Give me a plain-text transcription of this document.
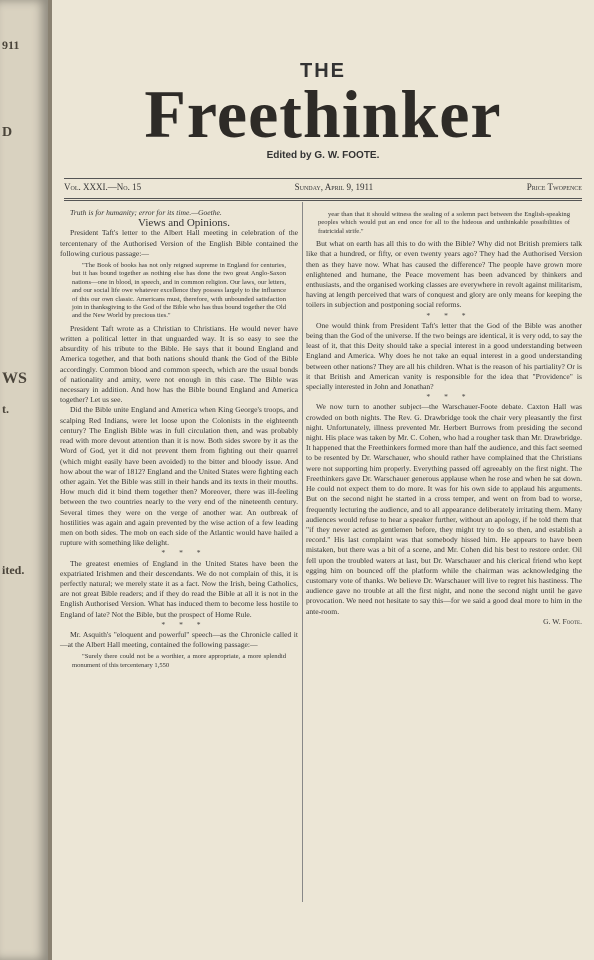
911
D
WS
t.
ited.
THE
Freethinker
Edited by G. W. FOOTE.
Vol. XXXI.—No. 15	Sunday, April 9, 1911	Price Twopence

Truth is for humanity; error for its time.—Goethe.

Views and Opinions.

President Taft's letter to the Albert Hall meeting in celebration of the tercentenary of the Authorised Version of the English Bible contained the following curious passage:—

"The Book of books has not only reigned supreme in England for centuries, but it has bound together as nothing else has done the two great Anglo-Saxon nations—one in blood, in speech, and in common religion. Our laws, our letters, and our social life owe whatever excellence they possess largely to the influence of this our own classic. Americans must, therefore, with unbounded satisfaction join in thanksgiving to the God of the Bible who has thus bound together the Old and the New World by precious ties."

President Taft wrote as a Christian to Christians. He would never have written a political letter in that unguarded way. It is so easy to see the absurdity of his tribute to the Bible. He says that it bound England and America together, and that both nations should thank the God of the Bible accordingly. Common blood and common speech, which are the usual bonds of nationality and amity, were not enough in this case. The Bible was necessary in addition. And how has the Bible bound England and America together? Let us see.

Did the Bible unite England and America when King George's troops, and scalping Red Indians, were let loose upon the Colonists in the eighteenth century? The English Bible was in full circulation then, and was probably read with more devout attention than it is now. Both sides swore by it as the Word of God, yet it did not prevent them from fighting out their quarrel (which might easily have been avoided) to the bitter and bloody issue. And how about the war of 1812? England and the United States were fighting each other again. Yet the Bible was still in their hands and its texts in their mouths. How much did it bind them together then? Moreover, there was ill-feeling between the two countries nearly to the very end of the nineteenth century. Several times they were on the verge of another war. An outbreak of hostilities was again and again prevented by the wise action of a few leading men on both sides. The mob on each side of the Atlantic would have hailed a rupture with something like delight.

* * *

The greatest enemies of England in the United States have been the expatriated Irishmen and their descendants. We do not complain of this, it is perfectly natural; we merely state it as a fact. Now the Irish, being Catholics, are not great Bible readers; and if they do read the Bible at all it is not in the English Authorised Version. What has induced them to become less hostile to England of late? Not the Bible, but the prospect of Home Rule.

* * *

Mr. Asquith's "eloquent and powerful" speech—as the Chronicle called it—at the Albert Hall meeting, contained the following passage:—

"Surely there could not be a worthier, a more appropriate, a more splendid monument of this tercentenary 1,550

year than that it should witness the sealing of a solemn pact between the English-speaking peoples which would put an end once for all to the hideous and unthinkable possibilities of fratricidal strife."

But what on earth has all this to do with the Bible? Why did not British premiers talk like that a hundred, or fifty, or even twenty years ago? They had the Authorised Version then as they have now. What has caused the difference? The people have grown more enlightened and humane, the Peace movement has been advanced by thinkers and enthusiasts, and the organised working classes are everywhere in revolt against militarism, having at length perceived that wars of conquest and glory are only means for keeping the toilers in subjection and postponing social reforms.

* * *

One would think from President Taft's letter that the God of the Bible was another being than the God of the universe. If the two beings are identical, it is very odd, to say the least of it, that this Deity should take a special interest in a good understanding between England and America. Why does he not take an equal interest in a good understanding between other nations? They are all his children. What is the reason of his partiality? Or is it that British and American vanity is responsible for the idea that "Providence" is specially interested in John and Jonathan?

* * *

We now turn to another subject—the Warschauer-Foote debate. Caxton Hall was crowded on both nights. The Rev. G. Drawbridge took the chair very pleasantly the first night. Unfortunately, illness prevented Mr. Herbert Burrows from presiding the second night. His place was taken by Mr. C. Cohen, who had a rougher task than Mr. Drawbridge. It happened that the Freethinkers formed more than half the audience, and this fact seemed to be resented by Dr. Warschauer, who should rather have complained that the Christians were not supporting him properly. Everything passed off agreeably on the first night. The Freethinkers gave Dr. Warschauer generous applause when he rose and when he sat down. He could not expect them to do more. It was for his own side to applaud his arguments. But on the second night he started in a cross temper, and went on from bad to worse, frequently lecturing the audience, and to all appearance deliberately irritating them. Many audiences would refuse to hear a speaker further, without an apology, if he told them that "if they never acted as gentlemen before, they might try to do so then, and establish a record." His last complaint was that somebody hissed him. He appears to have been mistaken, but there was a bit of a scene, and Mr. Cohen did his best to restore order. Oil fell upon the troubled waters at last, but Dr. Warschauer and his clerical friend who kept egging him on bounced off the platform while the chairman was acknowledging the customary vote of thanks. We believe Dr. Warschauer will live to regret his hastiness. The audience gave no trouble at all the first night, and none the second night until he gave provocation. We need not hesitate to say this—for we said a good deal more to him in the ante-room.

G. W. Foote.
